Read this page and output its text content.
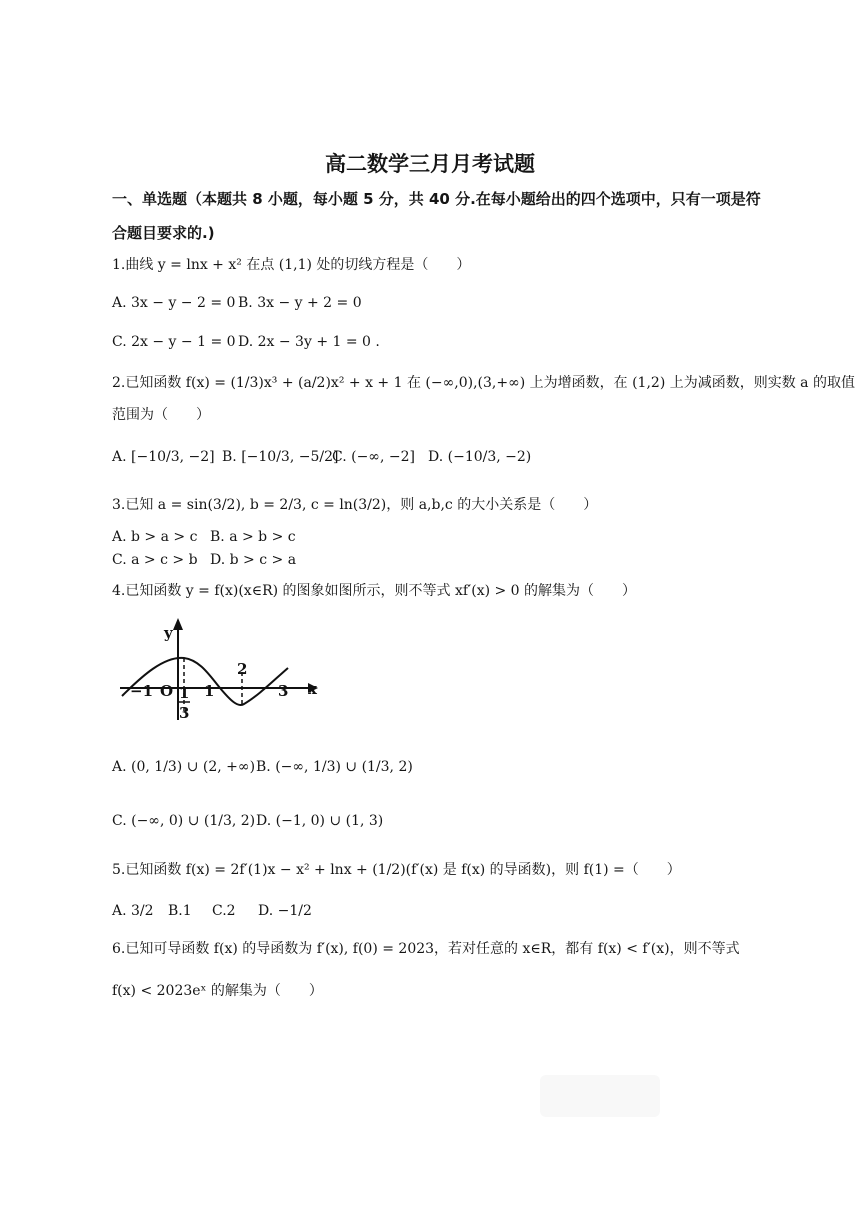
高二数学三月月考试题
一、单选题（本题共 8 小题，每小题 5 分，共 40 分.在每小题给出的四个选项中，只有一项是符
合题目要求的.)
1.曲线 y = lnx + x² 在点 (1,1) 处的切线方程是（　　）
A. 3x − y − 2 = 0 B. 3x − y + 2 = 0
C. 2x − y − 1 = 0 D. 2x − 3y + 1 = 0 .
2.已知函数 f(x) = (1/3)x³ + (a/2)x² + x + 1 在 (−∞,0),(3,+∞) 上为增函数，在 (1,2) 上为减函数，则实数 a 的取值
范围为（　　）
A. [−10/3, −2] B. [−10/3, −5/2]
C. (−∞, −2] D. (−10/3, −2)
3.已知 a = sin(3/2), b = 2/3, c = ln(3/2)，则 a,b,c 的大小关系是（　　）
A. b > a > c B. a > b > c
C. a > c > b D. b > c > a
4.已知函数 y = f(x)(x∈R) 的图象如图所示，则不等式 xf′(x) > 0 的解集为（　　）
y
x
O
−1	1
2
3
1
3
A. (0, 1/3) ∪ (2, +∞) B. (−∞, 1/3) ∪ (1/3, 2)
C. (−∞, 0) ∪ (1/3, 2) D. (−1, 0) ∪ (1, 3)
5.已知函数 f(x) = 2f′(1)x − x² + lnx + (1/2)(f′(x) 是 f(x) 的导函数)，则 f(1) =（　　）
A. 3/2 B.1 C.2 D. −1/2
6.已知可导函数 f(x) 的导函数为 f′(x), f(0) = 2023，若对任意的 x∈R，都有 f(x) < f′(x)，则不等式
f(x) < 2023eˣ 的解集为（　　）
